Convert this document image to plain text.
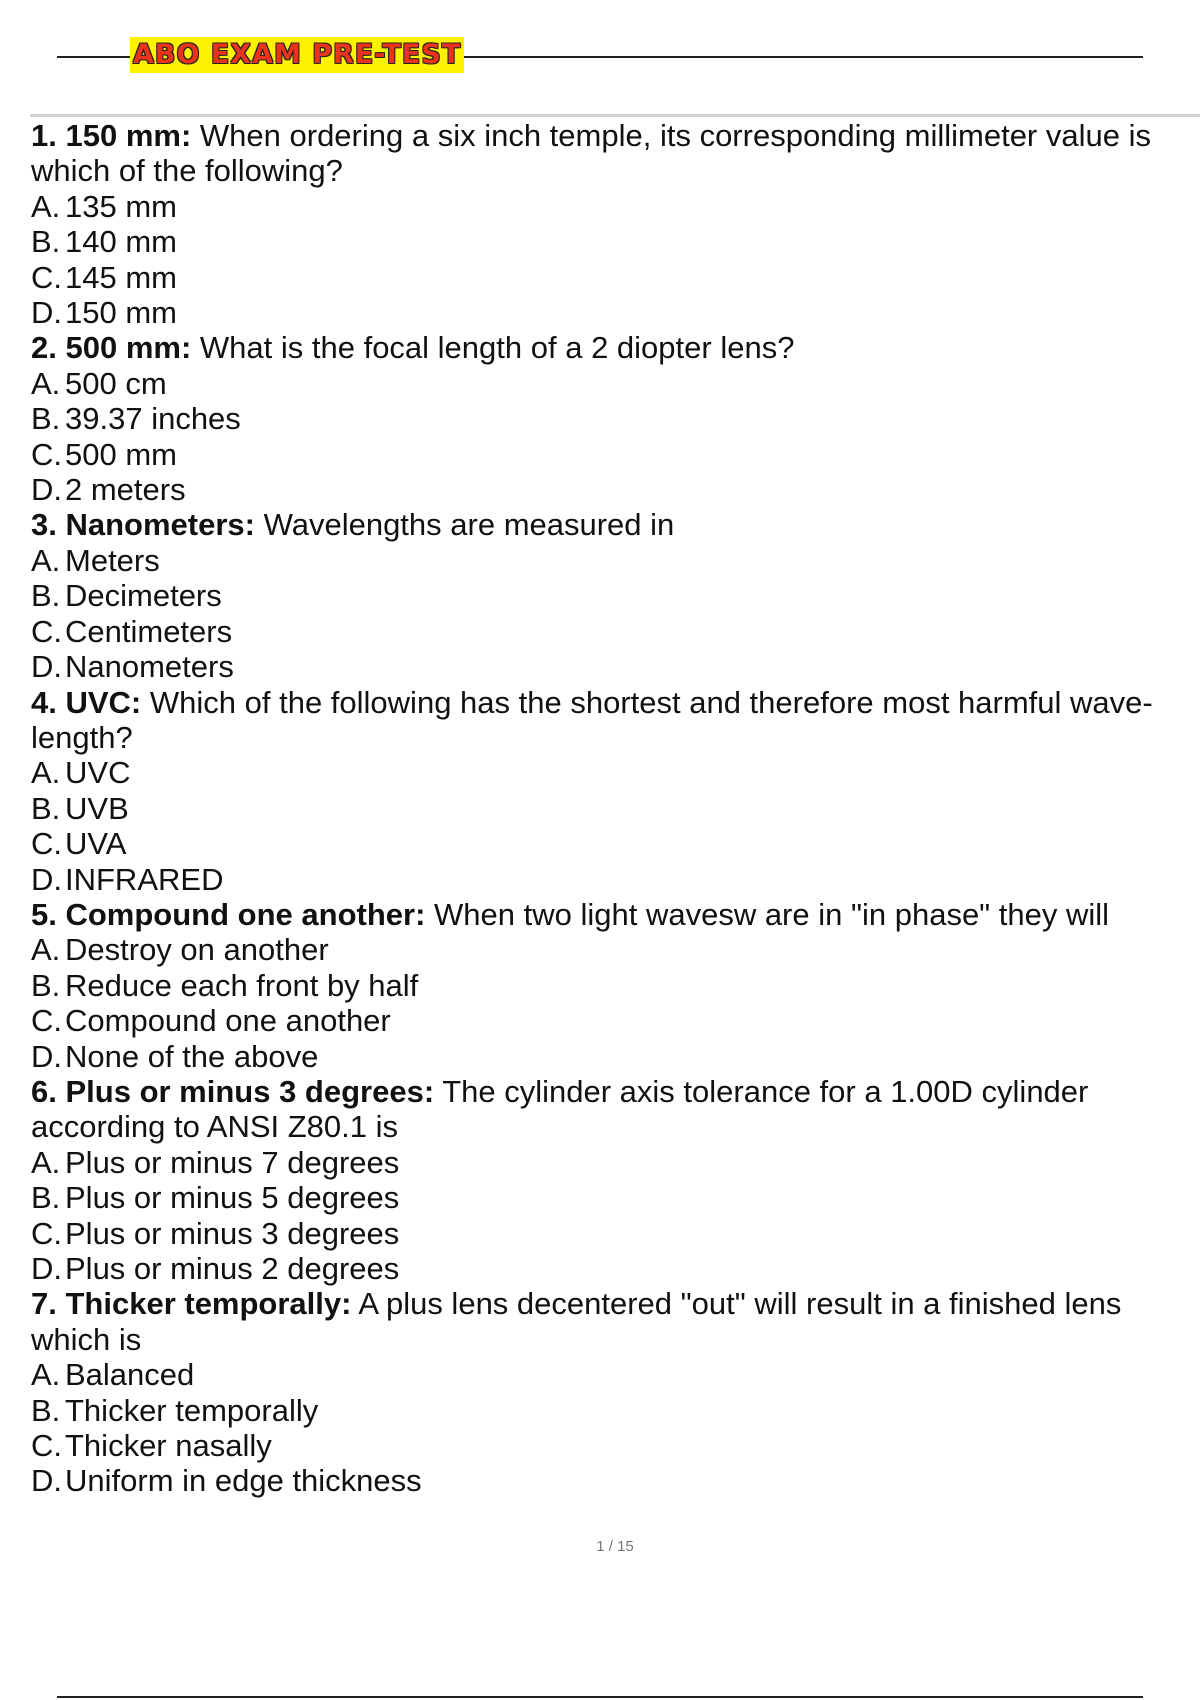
ABO EXAM PRE-TEST
1. 150 mm: When ordering a six inch temple, its corresponding millimeter value is
which of the following?
A. 135 mm
B. 140 mm
C. 145 mm
D. 150 mm
2. 500 mm: What is the focal length of a 2 diopter lens?
A. 500 cm
B. 39.37 inches
C. 500 mm
D. 2 meters
3. Nanometers: Wavelengths are measured in
A. Meters
B. Decimeters
C. Centimeters
D. Nanometers
4. UVC: Which of the following has the shortest and therefore most harmful wave-
length?
A. UVC
B. UVB
C. UVA
D. INFRARED
5. Compound one another: When two light wavesw are in "in phase" they will
A. Destroy on another
B. Reduce each front by half
C. Compound one another
D. None of the above
6. Plus or minus 3 degrees: The cylinder axis tolerance for a 1.00D cylinder
according to ANSI Z80.1 is
A. Plus or minus 7 degrees
B. Plus or minus 5 degrees
C. Plus or minus 3 degrees
D. Plus or minus 2 degrees
7. Thicker temporally: A plus lens decentered "out" will result in a finished lens
which is
A. Balanced
B. Thicker temporally
C. Thicker nasally
D. Uniform in edge thickness
1 / 15
